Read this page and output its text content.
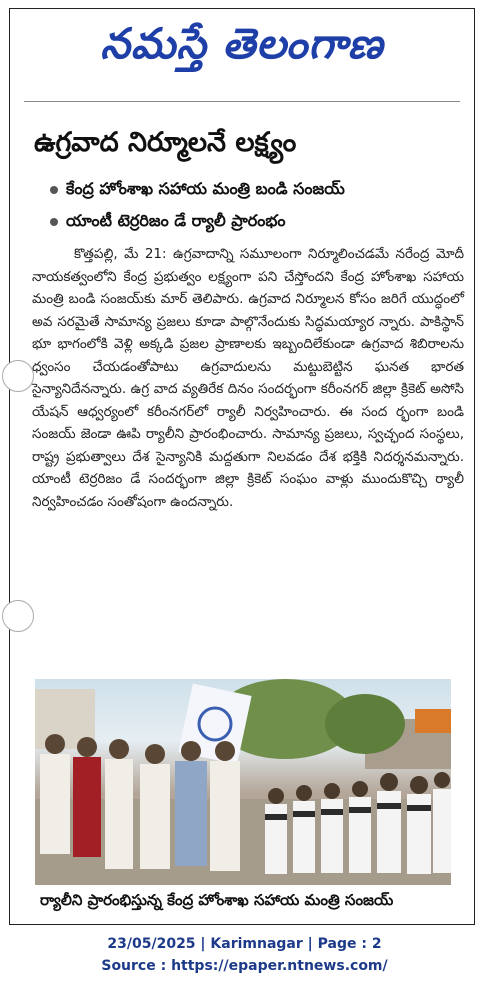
నమస్తే తెలంగాణ
ఉగ్రవాద నిర్మూలనే లక్ష్యం
కేంద్ర హోంశాఖ సహాయ మంత్రి బండి సంజయ్
యాంటీ టెర్రరిజం డే ర్యాలీ ప్రారంభం

కొత్తపల్లి, మే 21: ఉగ్రవాదాన్ని సమూలంగా నిర్మూలించడమే నరేంద్ర మోదీ నాయకత్వంలోని కేంద్ర ప్రభుత్వం లక్ష్యంగా పని చేస్తోందని కేంద్ర హోంశాఖ సహాయ మంత్రి బండి సంజయ్‌కు మార్ తెలిపారు. ఉగ్రవాద నిర్మూలన కోసం జరిగే యుద్ధంలో అవ సరమైతే సామాన్య ప్రజలు కూడా పాల్గొనేందుకు సిద్ధమయ్యార న్నారు. పాకిస్థాన్ భూ భాగంలోకి వెళ్లి అక్కడి ప్రజల ప్రాణాలకు ఇబ్బందిలేకుండా ఉగ్రవాద శిబిరాలను ధ్వంసం చేయడంతోపాటు ఉగ్రవాదులను మట్టుబెట్టిన ఘనత భారత సైన్యానిదేనన్నారు. ఉగ్ర వాద వ్యతిరేక దినం సందర్భంగా కరీంనగర్ జిల్లా క్రికెట్ అసోసి యేషన్ ఆధ్వర్యంలో కరీంనగర్‌లో ర్యాలీ నిర్వహించారు. ఈ సంద ర్భంగా బండి సంజయ్ జెండా ఊపి ర్యాలీని ప్రారంభించారు. సామాన్య ప్రజలు, స్వచ్ఛంద సంస్థలు, రాష్ట్ర ప్రభుత్వాలు దేశ సైన్యానికి మద్దతుగా నిలవడం దేశ భక్తికి నిదర్శనమన్నారు. యాంటీ టెర్రరిజం డే సందర్భంగా జిల్లా క్రికెట్ సంఘం వాళ్లు ముందుకొచ్చి ర్యాలీ నిర్వహించడం సంతోషంగా ఉందన్నారు.

ర్యాలీని ప్రారంభిస్తున్న కేంద్ర హోంశాఖ సహాయ మంత్రి సంజయ్
23/05/2025 | Karimnagar | Page : 2
Source : https://epaper.ntnews.com/
